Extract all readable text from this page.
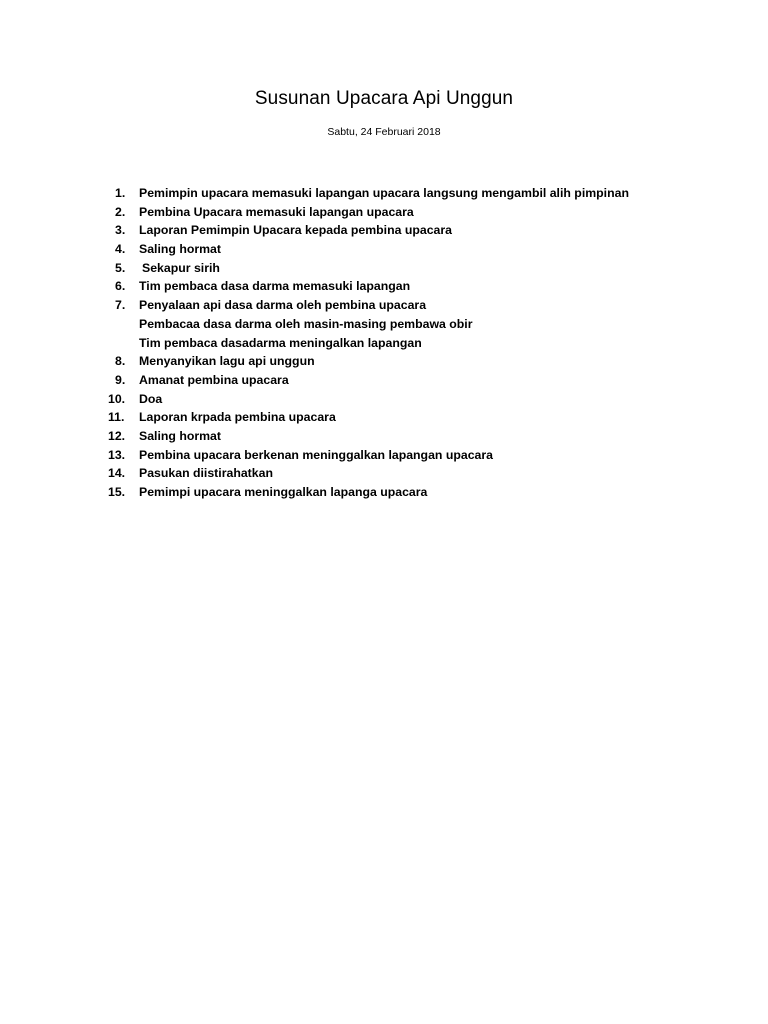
Susunan Upacara Api Unggun
Sabtu, 24 Februari 2018
1.	Pemimpin upacara memasuki lapangan upacara langsung mengambil alih pimpinan
2.	Pembina Upacara memasuki lapangan upacara
3.	Laporan Pemimpin Upacara kepada pembina upacara
4.	Saling hormat
5.	Sekapur sirih
6.	Tim pembaca dasa darma memasuki lapangan
7.	Penyalaan api dasa darma oleh pembina upacara
Pembacaa dasa darma oleh masin-masing pembawa obir
Tim pembaca dasadarma meningalkan lapangan
8.	Menyanyikan lagu api unggun
9.	Amanat pembina upacara
10.	Doa
11.	Laporan krpada pembina upacara
12.	Saling hormat
13.	Pembina upacara berkenan meninggalkan lapangan upacara
14.	Pasukan diistirahatkan
15.	Pemimpi upacara meninggalkan lapanga upacara
